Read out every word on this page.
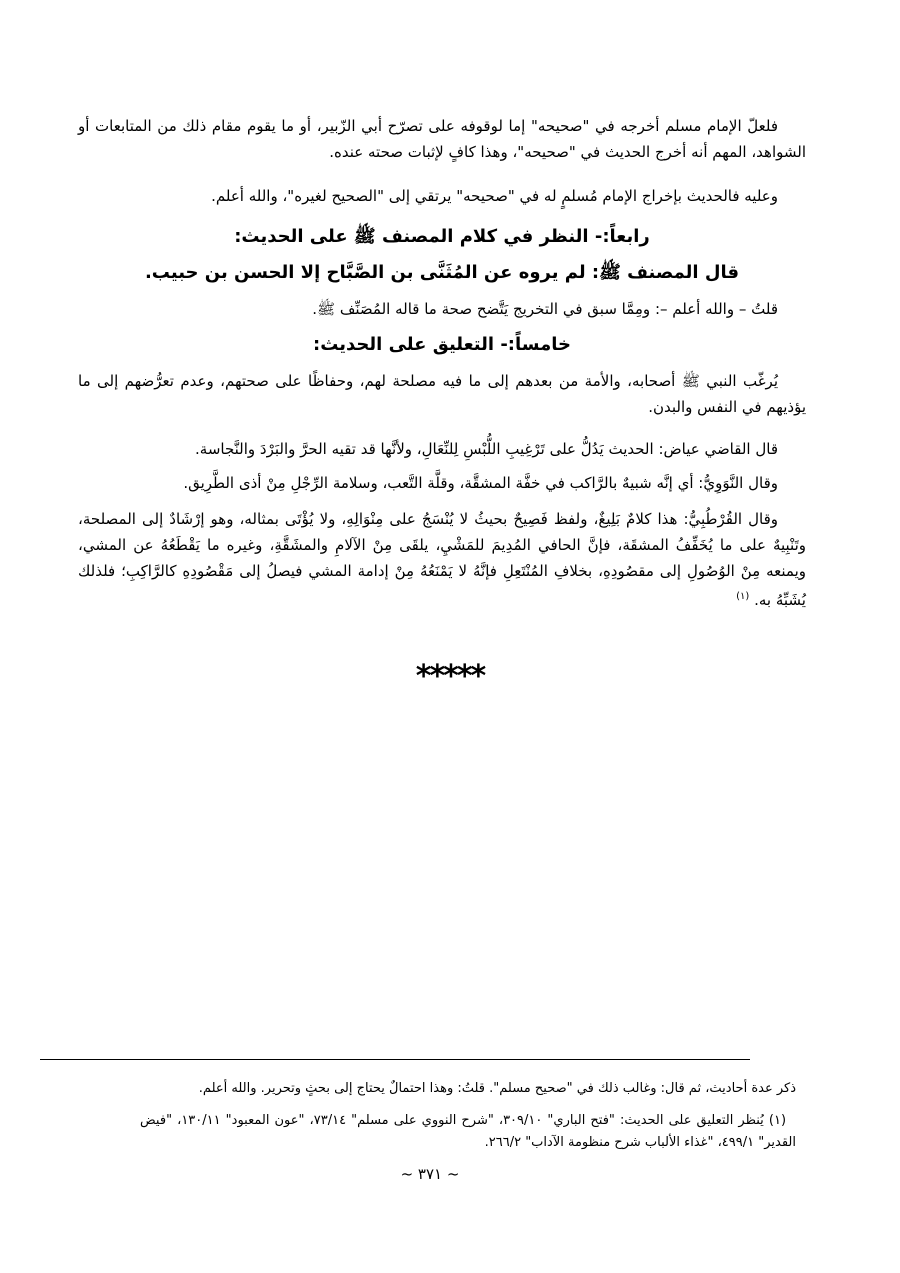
فلعلّ الإمام مسلم أخرجه في "صحيحه" إما لوقوفه على تصرّح أبي الزّبير، أو ما يقوم مقام ذلك من المتابعات أو الشواهد، المهم أنه أخرج الحديث في "صحيحه"، وهذا كافٍ لإثبات صحته عنده.

وعليه فالحديث بإخراج الإمام مُسلمٍ له في "صحيحه" يرتقي إلى "الصحيح لغيره"، والله أعلم.

رابعاً:- النظر في كلام المصنف ﷺ على الحديث:
قال المصنف ﷺ: لم يروه عن المُثَنَّى بن الصَّبَّاح إلا الحسن بن حبيب.

قلتُ – والله أعلم –: ومِمَّا سبق في التخريج يَتَّضح صحة ما قاله المُصَنِّف ﷺ.

خامساً:- التعليق على الحديث:

يُرغّب النبي ﷺ أصحابه، والأمة من بعدهم إلى ما فيه مصلحة لهم، وحفاظًا على صحتهم، وعدم تعرُّضهم إلى ما يؤذيهم في النفس والبدن.

قال القاضي عياض: الحديث يَدُلُّ على تَرْغِيبِ اللُّبْسِ لِلنِّعَالِ، ولأنَّها قد تقيه الحرَّ والبَرْدَ والنَّجاسة.

وقال النَّوَوِيُّ: أي إنَّه شبيهٌ بالرَّاكب في خفَّة المشقَّة، وقلَّة التَّعب، وسلامة الرِّجْلِ مِنْ أذى الطَّرِيق.

وقال القُرْطُبِيُّ: هذا كلامٌ بَلِيغٌ، ولفظ فَصِيحٌ بحيثُ لا يُنْسَجُ على مِنْوَالِهِ، ولا يُؤْتَى بمثاله، وهو إرْشَادٌ إلى المصلحة، وتَنْبِيهٌ على ما يُخَفِّفُ المشقَة، فإنَّ الحافي المُدِيمَ للمَشْيِ، يلقَى مِنْ الآلامِ والمشَقَّةِ، وغيره ما يَقْطَعُهُ عن المشي، ويمنعه مِنْ الوُصُولِ إلى مقصُودِهِ، بخلافِ المُنْتَعِلِ فإنَّهُ لا يَمْنَعُهُ مِنْ إدامة المشي فيصلُ إلى مَقْصُودِهِ كالرَّاكِبِ؛ فلذلك يُشَبِّهُ به. $^{(١)}$

*****

ذكر عدة أحاديث، ثم قال: وغالب ذلك في "صحيح مسلم". قلتُ: وهذا احتمالٌ يحتاج إلى بحثٍ وتحرير. والله أعلم.

(١) يُنظر التعليق على الحديث: "فتح الباري" ٣٠٩/١٠، "شرح النووي على مسلم" ٧٣/١٤، "عون المعبود" ١٣٠/١١، "فيض القدير" ٤٩٩/١، "غذاء الألباب شرح منظومة الآداب" ٢٦٦/٢.

~ ٣٧١ ~
